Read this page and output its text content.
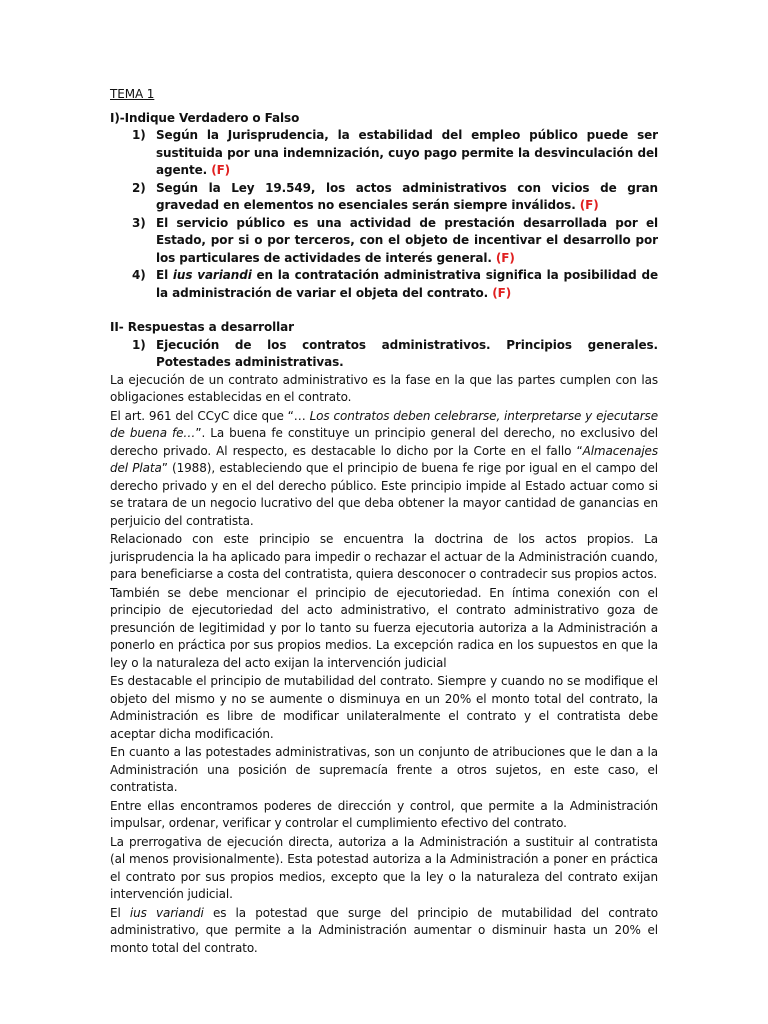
TEMA 1

I)-Indique Verdadero o Falso

1) Según la Jurisprudencia, la estabilidad del empleo público puede ser sustituida por una indemnización, cuyo pago permite la desvinculación del agente. (F)
2) Según la Ley 19.549, los actos administrativos con vicios de gran gravedad en elementos no esenciales serán siempre inválidos. (F)
3) El servicio público es una actividad de prestación desarrollada por el Estado, por si o por terceros, con el objeto de incentivar el desarrollo por los particulares de actividades de interés general. (F)
4) El ius variandi en la contratación administrativa significa la posibilidad de la administración de variar el objeta del contrato. (F)

II- Respuestas a desarrollar

1) Ejecución de los contratos administrativos. Principios generales. Potestades administrativas.

La ejecución de un contrato administrativo es la fase en la que las partes cumplen con las obligaciones establecidas en el contrato.

El art. 961 del CCyC dice que “… Los contratos deben celebrarse, interpretarse y ejecutarse de buena fe…”. La buena fe constituye un principio general del derecho, no exclusivo del derecho privado. Al respecto, es destacable lo dicho por la Corte en el fallo “Almacenajes del Plata” (1988), estableciendo que el principio de buena fe rige por igual en el campo del derecho privado y en el del derecho público. Este principio impide al Estado actuar como si se tratara de un negocio lucrativo del que deba obtener la mayor cantidad de ganancias en perjuicio del contratista.

Relacionado con este principio se encuentra la doctrina de los actos propios. La jurisprudencia la ha aplicado para impedir o rechazar el actuar de la Administración cuando, para beneficiarse a costa del contratista, quiera desconocer o contradecir sus propios actos.

También se debe mencionar el principio de ejecutoriedad. En íntima conexión con el principio de ejecutoriedad del acto administrativo, el contrato administrativo goza de presunción de legitimidad y por lo tanto su fuerza ejecutoria autoriza a la Administración a ponerlo en práctica por sus propios medios. La excepción radica en los supuestos en que la ley o la naturaleza del acto exijan la intervención judicial

Es destacable el principio de mutabilidad del contrato. Siempre y cuando no se modifique el objeto del mismo y no se aumente o disminuya en un 20% el monto total del contrato, la Administración es libre de modificar unilateralmente el contrato y el contratista debe aceptar dicha modificación.

En cuanto a las potestades administrativas, son un conjunto de atribuciones que le dan a la Administración una posición de supremacía frente a otros sujetos, en este caso, el contratista.

Entre ellas encontramos poderes de dirección y control, que permite a la Administración impulsar, ordenar, verificar y controlar el cumplimiento efectivo del contrato.

La prerrogativa de ejecución directa, autoriza a la Administración a sustituir al contratista (al menos provisionalmente). Esta potestad autoriza a la Administración a poner en práctica el contrato por sus propios medios, excepto que la ley o la naturaleza del contrato exijan intervención judicial.

El ius variandi es la potestad que surge del principio de mutabilidad del contrato administrativo, que permite a la Administración aumentar o disminuir hasta un 20% el monto total del contrato.
